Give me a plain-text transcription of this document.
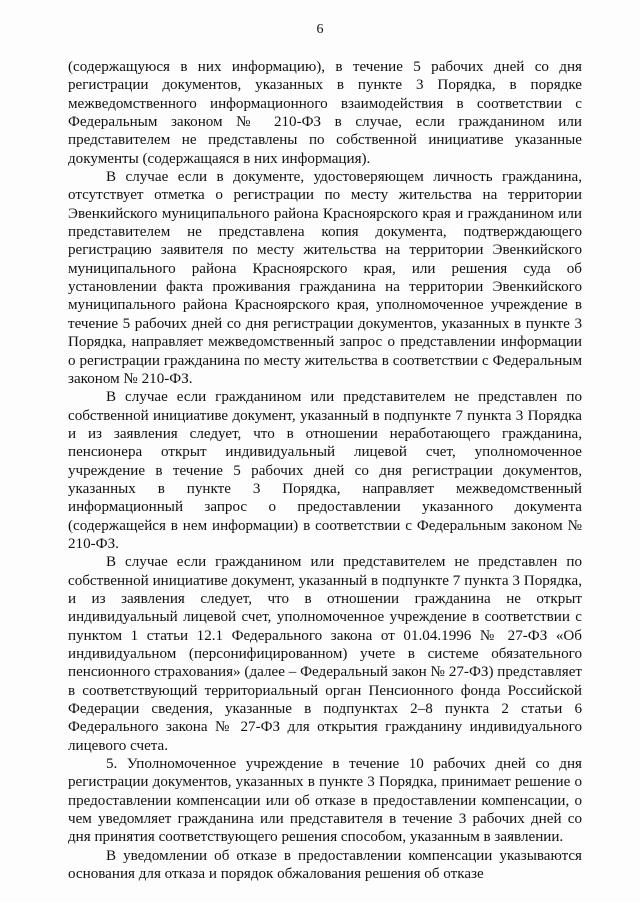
6

(содержащуюся в них информацию), в течение 5 рабочих дней со дня регистрации документов, указанных в пункте 3 Порядка, в порядке межведомственного информационного взаимодействия в соответствии с Федеральным законом № 210-ФЗ в случае, если гражданином или представителем не представлены по собственной инициативе указанные документы (содержащаяся в них информация).

В случае если в документе, удостоверяющем личность гражданина, отсутствует отметка о регистрации по месту жительства на территории Эвенкийского муниципального района Красноярского края и гражданином или представителем не представлена копия документа, подтверждающего регистрацию заявителя по месту жительства на территории Эвенкийского муниципального района Красноярского края, или решения суда об установлении факта проживания гражданина на территории Эвенкийского муниципального района Красноярского края, уполномоченное учреждение в течение 5 рабочих дней со дня регистрации документов, указанных в пункте 3 Порядка, направляет межведомственный запрос о представлении информации о регистрации гражданина по месту жительства в соответствии с Федеральным законом № 210-ФЗ.

В случае если гражданином или представителем не представлен по собственной инициативе документ, указанный в подпункте 7 пункта 3 Порядка и из заявления следует, что в отношении неработающего гражданина, пенсионера открыт индивидуальный лицевой счет, уполномоченное учреждение в течение 5 рабочих дней со дня регистрации документов, указанных в пункте 3 Порядка, направляет межведомственный информационный запрос о предоставлении указанного документа (содержащейся в нем информации) в соответствии с Федеральным законом № 210-ФЗ.

В случае если гражданином или представителем не представлен по собственной инициативе документ, указанный в подпункте 7 пункта 3 Порядка, и из заявления следует, что в отношении гражданина не открыт индивидуальный лицевой счет, уполномоченное учреждение в соответствии с пунктом 1 статьи 12.1 Федерального закона от 01.04.1996 № 27-ФЗ «Об индивидуальном (персонифицированном) учете в системе обязательного пенсионного страхования» (далее – Федеральный закон № 27-ФЗ) представляет в соответствующий территориальный орган Пенсионного фонда Российской Федерации сведения, указанные в подпунктах 2–8 пункта 2 статьи 6 Федерального закона № 27-ФЗ для открытия гражданину индивидуального лицевого счета.

5. Уполномоченное учреждение в течение 10 рабочих дней со дня регистрации документов, указанных в пункте 3 Порядка, принимает решение о предоставлении компенсации или об отказе в предоставлении компенсации, о чем уведомляет гражданина или представителя в течение 3 рабочих дней со дня принятия соответствующего решения способом, указанным в заявлении.

В уведомлении об отказе в предоставлении компенсации указываются основания для отказа и порядок обжалования решения об отказе
